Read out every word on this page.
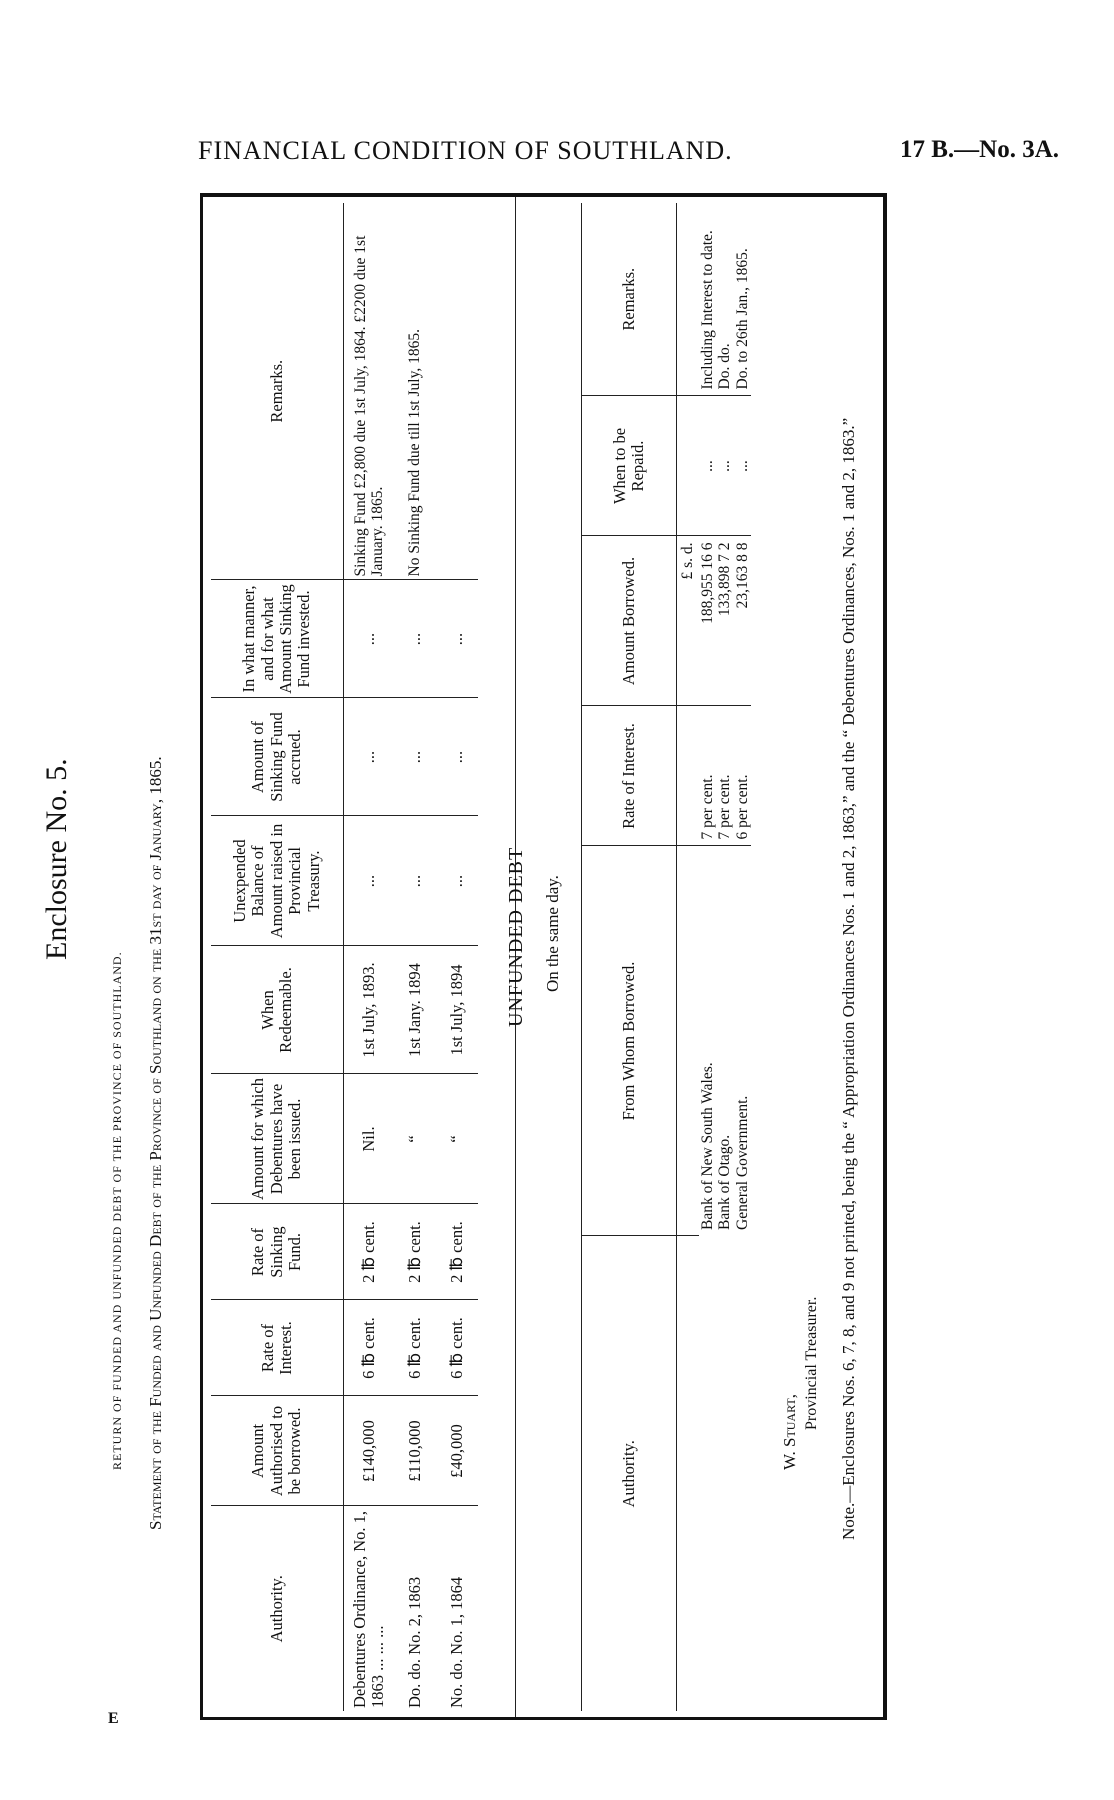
FINANCIAL CONDITION OF SOUTHLAND.	17 B.—No. 3A.
E
Enclosure No. 5.
RETURN OF FUNDED AND UNFUNDED DEBT OF THE PROVINCE OF SOUTHLAND. Statement of the Funded and Unfunded Debt of the Province of Southland on the 31st day of January, 1865.
Authority.	Amount Authorised to be borrowed.	Rate of Interest.	Rate of Sinking Fund.	Amount for which Debentures have been issued.	When Redeemable.	Unexpended Balance of Amount raised in Provincial Treasury.	Amount of Sinking Fund accrued.	In what manner, and for what Amount Sinking Fund invested.	Remarks.
Debentures Ordinance, No. 1, 1863 ... ... ...	£140,000	6 ℔ cent.	2 ℔ cent.	Nil.	1st July, 1893.	...	...	...	Sinking Fund £2,800 due 1st July, 1864. £2200 due 1st January. 1865.
Do. do. No. 2, 1863	£110,000	6 ℔ cent.	2 ℔ cent.	“	1st Jany. 1894	...	...	...	No Sinking Fund due till 1st July, 1865.
No. do. No. 1, 1864	£40,000	6 ℔ cent.	2 ℔ cent.	“	1st July, 1894	...	...	...	
UNFUNDED DEBT On the same day.
Authority.	From Whom Borrowed.	Rate of Interest.	Amount Borrowed.	When to be Repaid.	Remarks.
			£ s. d.		
	Bank of New South Wales.	7 per cent.	188,955 16 6	...	Including Interest to date.
	Bank of Otago.	7 per cent.	133,898 7 2	...	Do. do.
	General Government.	6 per cent.	23,163 8 8	...	Do. to 26th Jan., 1865.
W. Stuart,
Provincial Treasurer. Note.—Enclosures Nos. 6, 7, 8, and 9 not printed, being the “ Appropriation Ordinances Nos. 1 and 2, 1863,” and the “ Debentures Ordinances, Nos. 1 and 2, 1863.”
